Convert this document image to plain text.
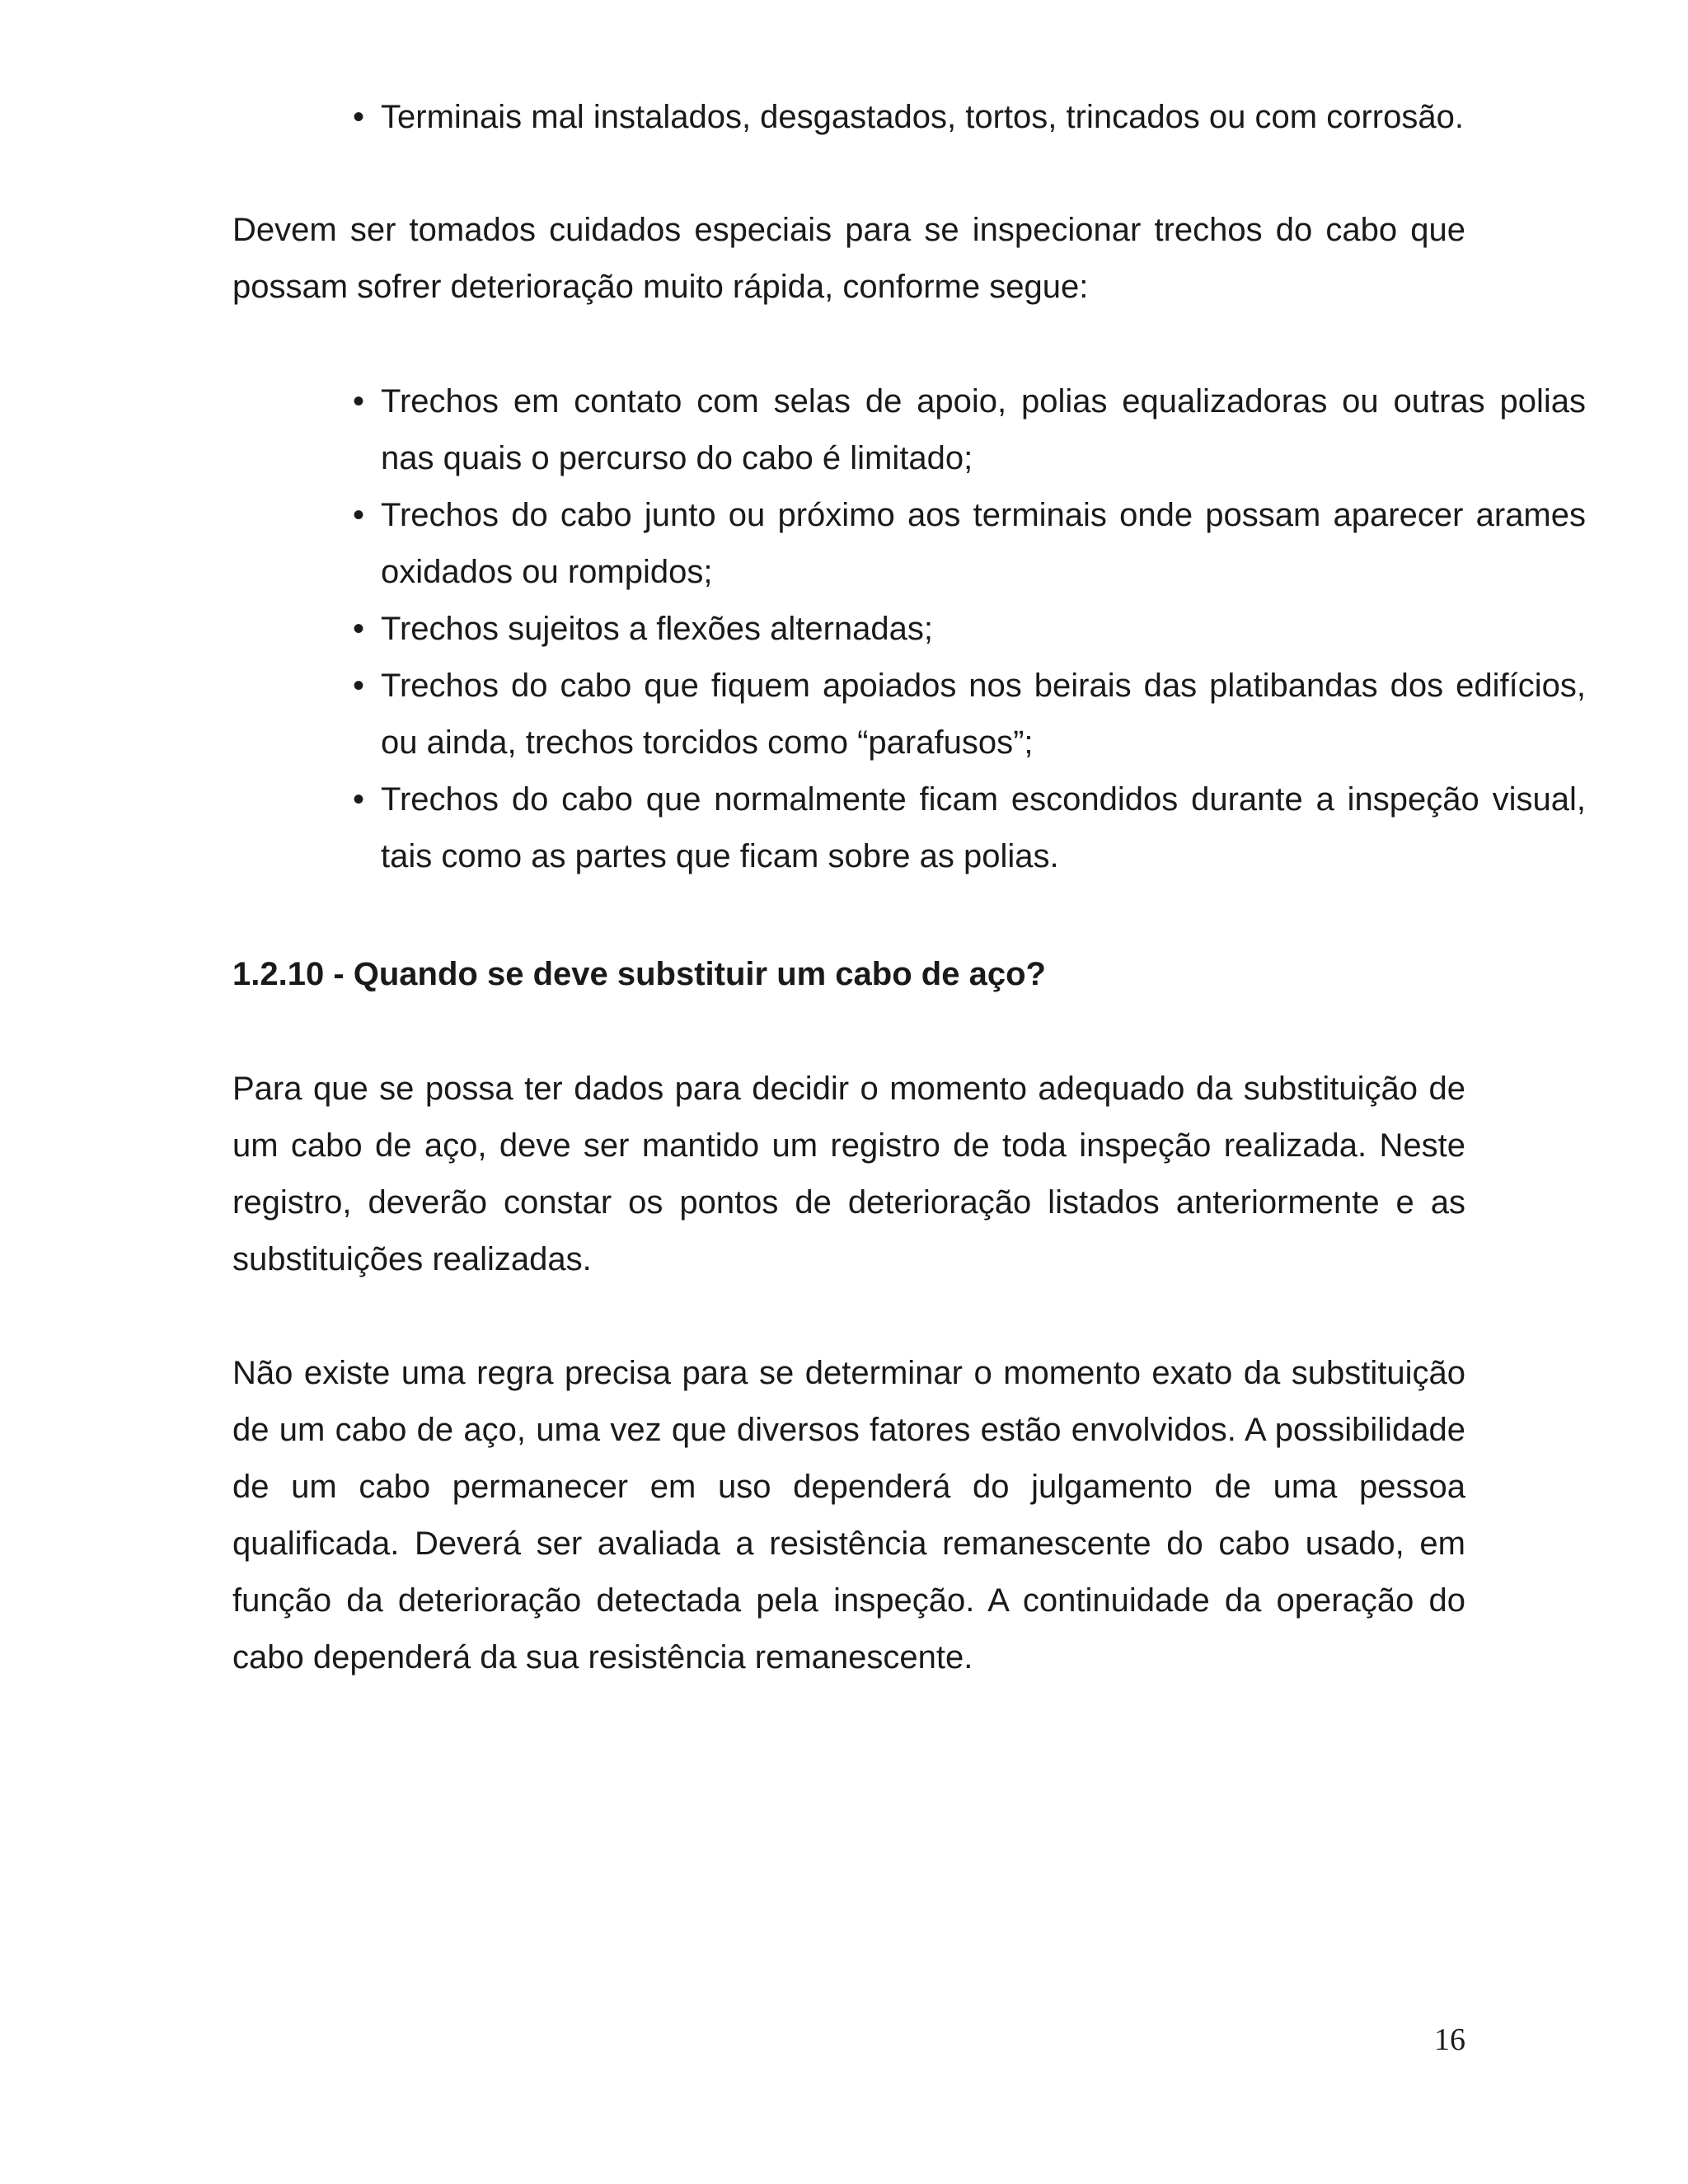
• Terminais mal instalados, desgastados, tortos, trincados ou com corrosão.

Devem ser tomados cuidados especiais para se inspecionar trechos do cabo que possam sofrer deterioração muito rápida, conforme segue:

• Trechos em contato com selas de apoio, polias equalizadoras ou outras polias nas quais o percurso do cabo é limitado;
• Trechos do cabo junto ou próximo aos terminais onde possam aparecer arames oxidados ou rompidos;
• Trechos sujeitos a flexões alternadas;
• Trechos do cabo que fiquem apoiados nos beirais das platibandas dos edifícios, ou ainda, trechos torcidos como “parafusos”;
• Trechos do cabo que normalmente ficam escondidos durante a inspeção visual, tais como as partes que ficam sobre as polias.
1.2.10 - Quando se deve substituir um cabo de aço?

Para que se possa ter dados para decidir o momento adequado da substituição de um cabo de aço, deve ser mantido um registro de toda inspeção realizada. Neste registro, deverão constar os pontos de deterioração listados anteriormente e as substituições realizadas.

Não existe uma regra precisa para se determinar o momento exato da substituição de um cabo de aço, uma vez que diversos fatores estão envolvidos. A possibilidade de um cabo permanecer em uso dependerá do julgamento de uma pessoa qualificada. Deverá ser avaliada a resistência remanescente do cabo usado, em função da deterioração detectada pela inspeção. A continuidade da operação do cabo dependerá da sua resistência remanescente.

16
